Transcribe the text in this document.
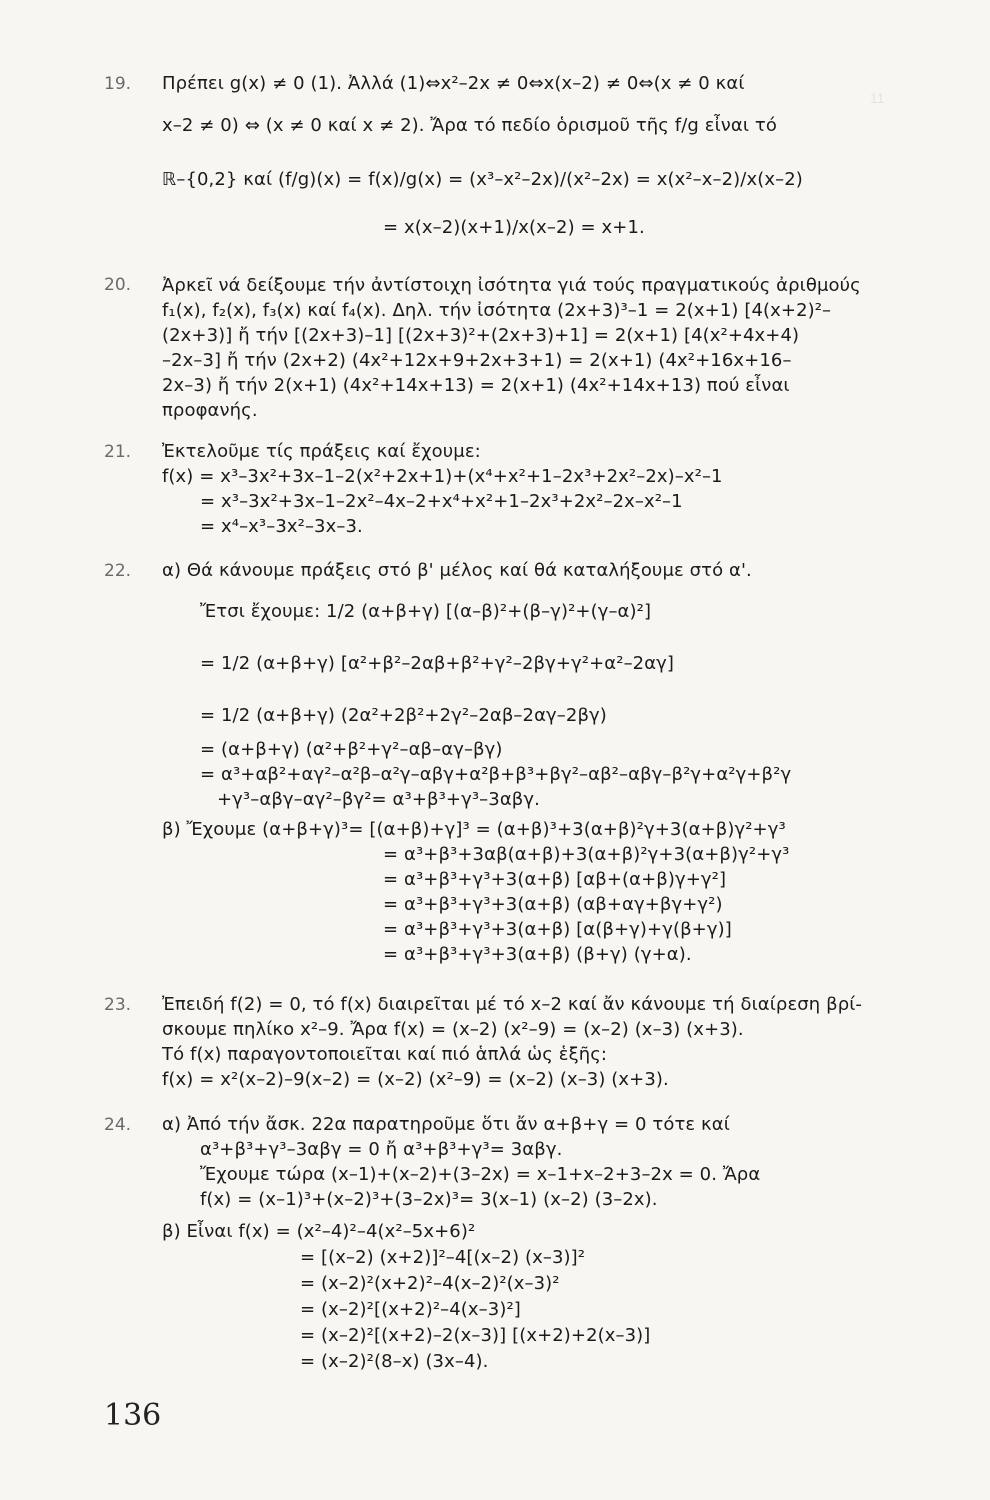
11
19.	Πρέπει g(x) ≠ 0 (1). Ἀλλά (1)⇔x²–2x ≠ 0⇔x(x–2) ≠ 0⇔(x ≠ 0 καί
x–2 ≠ 0) ⇔ (x ≠ 0 καί x ≠ 2). Ἄρα τό πεδίο ὁρισμοῦ τῆς f/g εἶναι τό
ℝ–{0,2} καί (f/g)(x) = f(x)/g(x) = (x³–x²–2x)/(x²–2x) = x(x²–x–2)/x(x–2)
= x(x–2)(x+1)/x(x–2) = x+1.
20.	Ἀρκεῖ νά δείξουμε τήν ἀντίστοιχη ἰσότητα γιά τούς πραγματικούς ἀριθμούς
f₁(x), f₂(x), f₃(x) καί f₄(x). Δηλ. τήν ἰσότητα (2x+3)³–1 = 2(x+1) [4(x+2)²–
(2x+3)] ἤ τήν [(2x+3)–1] [(2x+3)²+(2x+3)+1] = 2(x+1) [4(x²+4x+4)
–2x–3] ἤ τήν (2x+2) (4x²+12x+9+2x+3+1) = 2(x+1) (4x²+16x+16–
2x–3) ἤ τήν 2(x+1) (4x²+14x+13) = 2(x+1) (4x²+14x+13) πού εἶναι
προφανής.
21.	Ἐκτελοῦμε τίς πράξεις καί ἔχουμε:
f(x) = x³–3x²+3x–1–2(x²+2x+1)+(x⁴+x²+1–2x³+2x²–2x)–x²–1
= x³–3x²+3x–1–2x²–4x–2+x⁴+x²+1–2x³+2x²–2x–x²–1
= x⁴–x³–3x²–3x–3.
22.	α) Θά κάνουμε πράξεις στό β' μέλος καί θά καταλήξουμε στό α'.
Ἔτσι ἔχουμε: 1/2 (α+β+γ) [(α–β)²+(β–γ)²+(γ–α)²]
= 1/2 (α+β+γ) [α²+β²–2αβ+β²+γ²–2βγ+γ²+α²–2αγ]
= 1/2 (α+β+γ) (2α²+2β²+2γ²–2αβ–2αγ–2βγ)
= (α+β+γ) (α²+β²+γ²–αβ–αγ–βγ)
= α³+αβ²+αγ²–α²β–α²γ–αβγ+α²β+β³+βγ²–αβ²–αβγ–β²γ+α²γ+β²γ
+γ³–αβγ–αγ²–βγ²= α³+β³+γ³–3αβγ.
β) Ἔχουμε (α+β+γ)³= [(α+β)+γ]³ = (α+β)³+3(α+β)²γ+3(α+β)γ²+γ³
= α³+β³+3αβ(α+β)+3(α+β)²γ+3(α+β)γ²+γ³
= α³+β³+γ³+3(α+β) [αβ+(α+β)γ+γ²]
= α³+β³+γ³+3(α+β) (αβ+αγ+βγ+γ²)
= α³+β³+γ³+3(α+β) [α(β+γ)+γ(β+γ)]
= α³+β³+γ³+3(α+β) (β+γ) (γ+α).
23.	Ἐπειδή f(2) = 0, τό f(x) διαιρεῖται μέ τό x–2 καί ἄν κάνουμε τή διαίρεση βρί-
σκουμε πηλίκο x²–9. Ἄρα f(x) = (x–2) (x²–9) = (x–2) (x–3) (x+3).
Τό f(x) παραγοντοποιεῖται καί πιό ἁπλά ὡς ἑξῆς:
f(x) = x²(x–2)–9(x–2) = (x–2) (x²–9) = (x–2) (x–3) (x+3).
24.	α) Ἀπό τήν ἄσκ. 22α παρατηροῦμε ὅτι ἄν α+β+γ = 0 τότε καί
α³+β³+γ³–3αβγ = 0 ἤ α³+β³+γ³= 3αβγ.
Ἔχουμε τώρα (x–1)+(x–2)+(3–2x) = x–1+x–2+3–2x = 0. Ἄρα
f(x) = (x–1)³+(x–2)³+(3–2x)³= 3(x–1) (x–2) (3–2x).
β) Εἶναι f(x) = (x²–4)²–4(x²–5x+6)²
= [(x–2) (x+2)]²–4[(x–2) (x–3)]²
= (x–2)²(x+2)²–4(x–2)²(x–3)²
= (x–2)²[(x+2)²–4(x–3)²]
= (x–2)²[(x+2)–2(x–3)] [(x+2)+2(x–3)]
= (x–2)²(8–x) (3x–4).
136
